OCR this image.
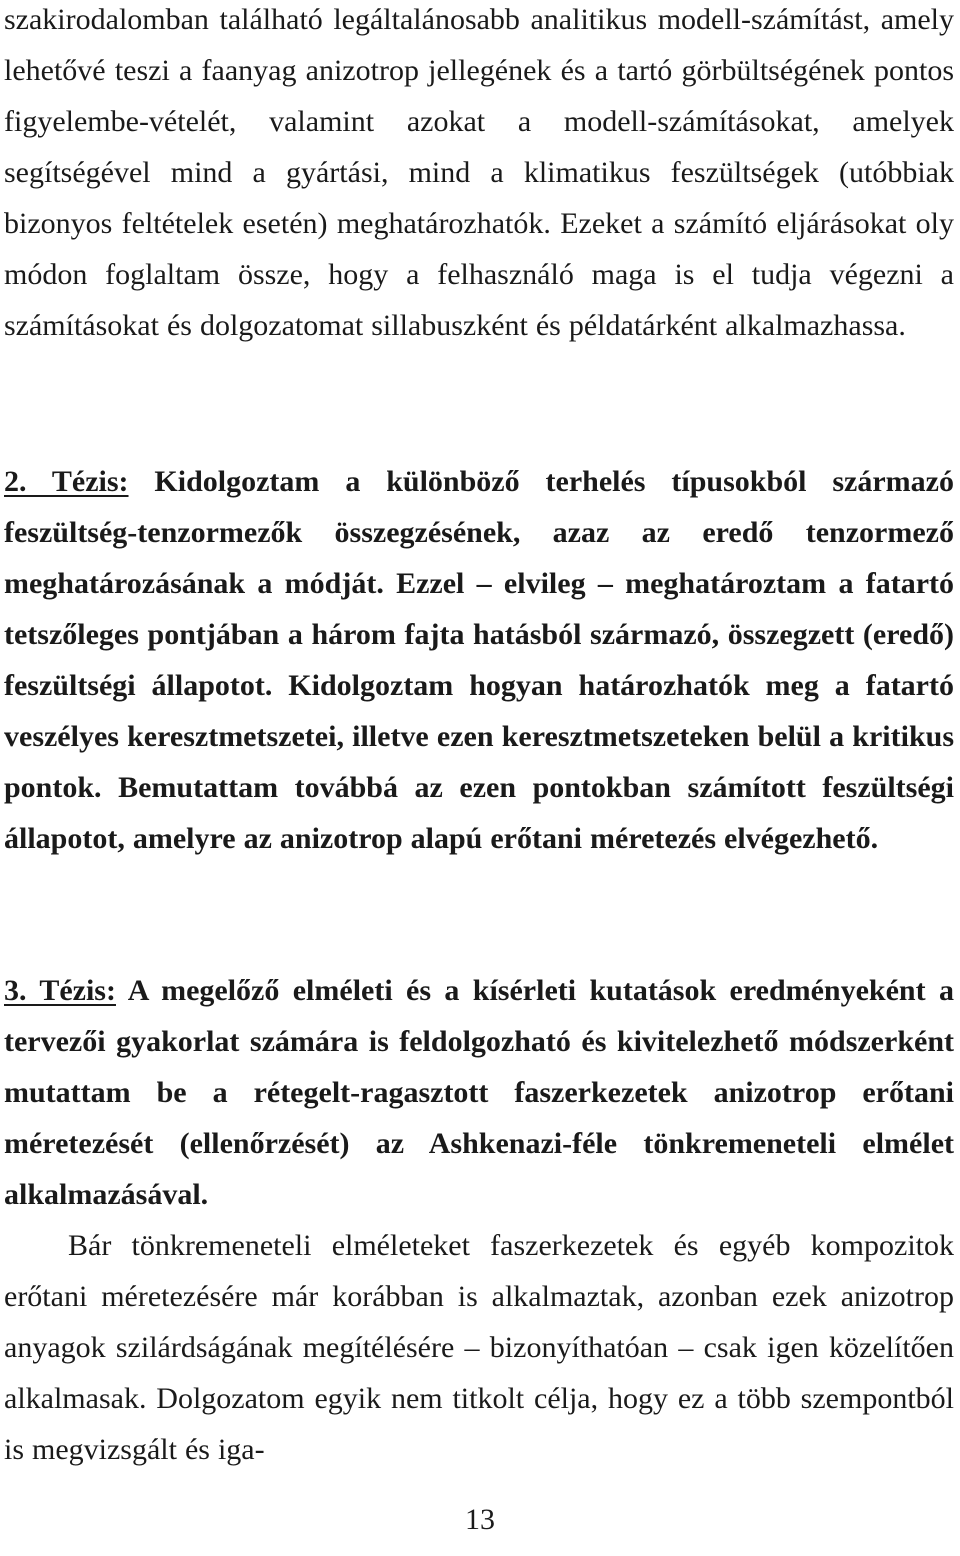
szakirodalomban található legáltalánosabb analitikus modell-számítást, amely lehetővé teszi a faanyag anizotrop jellegének és a tartó görbültségének pontos figyelembe-vételét, valamint azokat a modell-számításokat, amelyek segítségével mind a gyártási, mind a klimatikus feszültségek (utóbbiak bizonyos feltételek esetén) meghatározhatók. Ezeket a számító eljárásokat oly módon foglaltam össze, hogy a felhasználó maga is el tudja végezni a számításokat és dolgozatomat sillabuszként és példatárként alkalmazhassa.

2. Tézis: Kidolgoztam a különböző terhelés típusokból származó feszültség-tenzormezők összegzésének, azaz az eredő tenzormező meghatározásának a módját. Ezzel – elvileg – meghatároztam a fatartó tetszőleges pontjában a három fajta hatásból származó, összegzett (eredő) feszültségi állapotot. Kidolgoztam hogyan határozhatók meg a fatartó veszélyes keresztmetszetei, illetve ezen keresztmetszeteken belül a kritikus pontok. Bemutattam továbbá az ezen pontokban számított feszültségi állapotot, amelyre az anizotrop alapú erőtani méretezés elvégezhető.

3. Tézis: A megelőző elméleti és a kísérleti kutatások eredményeként a tervezői gyakorlat számára is feldolgozható és kivitelezhető módszerként mutattam be a rétegelt-ragasztott faszerkezetek anizotrop erőtani méretezését (ellenőrzését) az Ashkenazi-féle tönkremeneteli elmélet alkalmazásával.

Bár tönkremeneteli elméleteket faszerkezetek és egyéb kompozitok erőtani méretezésére már korábban is alkalmaztak, azonban ezek anizotrop anyagok szilárdságának megítélésére – bizonyíthatóan – csak igen közelítően alkalmasak. Dolgozatom egyik nem titkolt célja, hogy ez a több szempontból is megvizsgált és iga-

13
